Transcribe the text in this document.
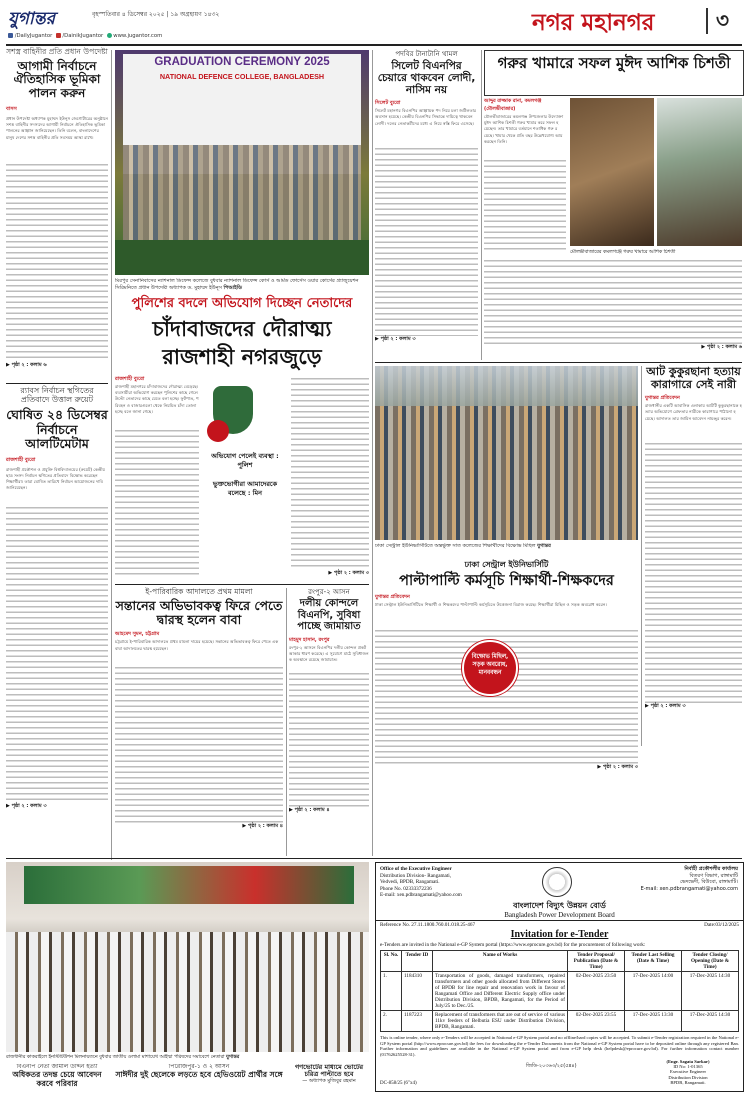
যুগান্তর	বৃহস্পতিবার ৪ ডিসেম্বর ২০২৫ | ১৯ অগ্রহায়ণ ১৪৩২
/DailyJugantor /DainikJugantor www.jugantor.com	নগর মহানগর	৩
সশস্ত্র বাহিনীর প্রতি প্রধান উপদেষ্টা
আগামী নির্বাচনে ঐতিহাসিক ভূমিকা পালন করুন
বাসস
প্রধান উপদেষ্টা অধ্যাপক মুহাম্মদ ইউনূস জেগোটারের অনুষ্ঠানে সশস্ত্র বাহিনীর সদস্যদের আগামী নির্বাচনে ঐতিহাসিক ভূমিকা পালনের আহ্বান জানিয়েছেন। তিনি বলেন, বাংলাদেশের মানুষ দেশের সশস্ত্র বাহিনীর প্রতি সবসময় আস্থা রাখে।
▶ পৃষ্ঠা ২ : কলাম ৬
র‌্যাবস নির্বাচন স্থগিতের প্রতিবাদে উত্তাল রুয়েট
ঘোষিত ২৪ ডিসেম্বর নির্বাচনে আলটিমেটাম
রাজশাহী ব্যুরো
রাজশাহী প্রকৌশল ও প্রযুক্তি বিশ্ববিদ্যালয়ের (রুয়েট) কেন্দ্রীয় ছাত্র সংসদ নির্বাচন স্থগিতের প্রতিবাদে বিক্ষোভ করেছেন শিক্ষার্থীরা। তারা ঘোষিত তারিখে নির্বাচন আয়োজনের দাবি জানিয়েছেন।
▶ পৃষ্ঠা ২ : কলাম ৩
GRADUATION CEREMONY 2025
NATIONAL DEFENCE COLLEGE, BANGLADESH
মিরপুর সেনানিবাসের ন্যাশনাল ডিফেন্স কলেজে বুধবার ন্যাশনাল ডিফেন্স কোর্স ও আর্মড ফোর্সেস ওয়ার কোর্সের গ্র্যাজুয়েশন সিরিমনিতে প্রধান উপদেষ্টা অধ্যাপক ড. মুহাম্মদ ইউনূস পিআইডি
পুলিশের বদলে অভিযোগ দিচ্ছেন নেতাদের
চাঁদাবাজদের দৌরাত্ম্য রাজশাহী নগরজুড়ে
রাজশাহী ব্যুরো
রাজশাহী মহানগরে চাঁদাবাজদের দৌরাত্ম্য বেড়েছে। ব্যবসায়ীরা অভিযোগ করছেন পুলিশের কাছে গেলে উল্টো নেতাদের কাছে যেতে বলা হচ্ছে। ফুটপাত, পরিবহন ও বাজারগুলো থেকে নিয়মিত চাঁদা তোলা হচ্ছে বলে জানা গেছে।
অভিযোগ পেলেই ব্যবস্থা : পুলিশ
ভুক্তভোগীরা আমাদেরকে বলেছে : মিন
▶ পৃষ্ঠা ২ : কলাম ৩
পদবির টানাটানি থামল
সিলেট বিএনপির চেয়ারে থাকবেন লোদী, নাসিম নয়
সিলেট ব্যুরো
সিলেট মহানগর বিএনপির আহ্বায়ক পদ নিয়ে চলা জটিলতার অবসান হয়েছে। কেন্দ্রীয় বিএনপির সিদ্ধান্তে দায়িত্বে থাকবেন লোদী। দলের নেতাকর্মীদের মধ্যে এ নিয়ে স্বস্তি ফিরে এসেছে।
▶ পৃষ্ঠা ২ : কলাম ৩
গরুর খামারে সফল মুঈদ আশিক চিশতী
আব্দুর রাজ্জাক রানা, কমলগঞ্জ (মৌলভীবাজার)
মৌলভীবাজারের কমলগঞ্জ উপজেলার উদ্যোক্তা মুঈদ আশিক চিশতী গরুর খামার করে সফল হয়েছেন। তার খামারে বর্তমানে শতাধিক গরু রয়েছে। খামার থেকে প্রতি বছর উল্লেখযোগ্য আয় করছেন তিনি।
মৌলভীবাজারের কমলগঞ্জে গরুর খামারে আশিক চিশতী
▶ পৃষ্ঠা ২ : কলাম ৬
ঢাকা সেন্ট্রাল ইউনিভার্সিটিতে অন্তর্ভুক্ত সাত কলেজের শিক্ষার্থীদের বিক্ষোভ মিছিল যুগান্তর
আট কুকুরছানা হত্যায় কারাগারে সেই নারী
যুগান্তর প্রতিবেদন
রাজধানীর একটি আবাসিক এলাকায় আটটি কুকুরছানাকে হত্যার অভিযোগে গ্রেফতার নারীকে কারাগারে পাঠানো হয়েছে। আদালত তার জামিন আবেদন নামঞ্জুর করেন।
▶ পৃষ্ঠা ২ : কলাম ৩
ই-পারিবারিক আদালতে প্রথম মামলা
সন্তানের অভিভাবকত্ব ফিরে পেতে দ্বারস্থ হলেন বাবা
আহমেদ সুমন, চট্টগ্রাম
চট্টগ্রামে ই-পারিবারিক আদালতে প্রথম মামলা দায়ের হয়েছে। সন্তানের অভিভাবকত্ব ফিরে পেতে এক বাবা আদালতের দ্বারস্থ হয়েছেন।
▶ পৃষ্ঠা ২ : কলাম ৪
রংপুর-২ আসন
দলীয় কোন্দলে বিএনপি, সুবিধা পাচ্ছে জামায়াত
মাহমুদ হাসান, রংপুর
রংপুর-২ আসনে বিএনপির দলীয় কোন্দল প্রকট আকার ধারণ করেছে। এ সুযোগে মাঠে সুবিধাজনক অবস্থানে রয়েছে জামায়াত।
▶ পৃষ্ঠা ২ : কলাম ৪
ঢাকা সেন্ট্রাল ইউনিভার্সিটি
পাল্টাপাল্টি কর্মসূচি শিক্ষার্থী-শিক্ষকদের
যুগান্তর প্রতিবেদন
ঢাকা সেন্ট্রাল ইউনিভার্সিটিতে শিক্ষার্থী ও শিক্ষকদের পাল্টাপাল্টি কর্মসূচিতে উত্তেজনা বিরাজ করছে। শিক্ষার্থীরা মিছিল ও সড়ক অবরোধ করেন।
▶ পৃষ্ঠা ২ : কলাম ৩
বিক্ষোভ মিছিল, সড়ক অবরোধ, মানববন্ধন
রাজধানীর কাকরাইলে ইনস্টিটিউশন মিলনায়তনে বুধবার জাতীয় ওলামা মাশায়েখ আইম্মা পরিষদের সমাবেশে নেতারা যুগান্তর
বিএনপি নেতা জামাল উদ্দিন হত্যা
অধিকতর তদন্ত চেয়ে আবেদন করবে পরিবার
পিরোজপুর-১ ও ২ আসন
সাঈদীর দুই ছেলেকে লড়তে হবে হেভিওয়েট প্রার্থীর সঙ্গে
গণভোটের মাধ্যমে ভোটের চরিত্র পাল্টাতে হবে
— অধ্যাপক মুজিবুর রহমান
Office of the Executive Engineer
Distribution Division- Rangamati,
Vedvedi, BPDB, Rangamati.
Phone No. 02333372236
E-mail: xen.pdbrangamati@yahoo.com
নির্বাহী প্রকৌশলীর কার্যালয়
বিতরণ বিভাগ, রাঙ্গামাটি
ভেদভেদী, বিউবো, রাঙ্গামাটি।
E-mail: xen.pdbrangamati@yahoo.com
বাংলাদেশ বিদ্যুৎ উন্নয়ন বোর্ড
Bangladesh Power Development Board
Reference No. 27.11.1800.760.01.018.25-467	Date:03/12/2025
Invitation for e-Tender
e-Tenders are invited in the National e-GP System portal (https://www.eprocure.gov.bd) for the procurement of following work:
Sl. No.	Tender ID	Name of Works	Tender Proposal/ Publication (Date & Time)	Tender Last Selling (Date & Time)	Tender Closing/ Opening (Date & Time)
1.	1184310	Transportation of goods, damaged transformers, repaired transformers and other goods allocated from Different Stores of BPDB for line repair and renovation work in favour of Rangamati Office and Different Electric Supply office under Distribution Division, BPDB, Rangamati, for the Period of July/25 to Dec./25.	02-Dec-2025 23:50	17-Dec-2025 14:00	17-Dec-2025 14:30
2.	1187223	Replacement of transformers that are out of service of various 11kv feeders of Belbutia ESU under Distribution Division, BPDB, Rangamati.	02-Dec-2025 23:55	17-Dec-2025 13:30	17-Dec-2025 14:30
This is online tender, where only e-Tenders will be accepted in National e-GP System portal and no offline/hard copies will be accepted. To submit e-Tender registration required in the National e-GP System portal (http://www.eprocure.gov.bd) the fees for downloading the e-Tender Documents from the National e-GP System portal have to be deposited online through any registered Ban. Further information and guidelines are available in the National e-GP System portal and from e-GP help desk (helpdesk@eprocure.gov.bd). For further information contact number (01762625528-31).
জিডি-২০৩৬৩/২৫(৫x৪)
DC-858/25 (6"x4)
(Engr. Sagata Sarkar)
ID No: 1-01365
Executive Engineer
Distribution Division
BPDB, Rangamati.
